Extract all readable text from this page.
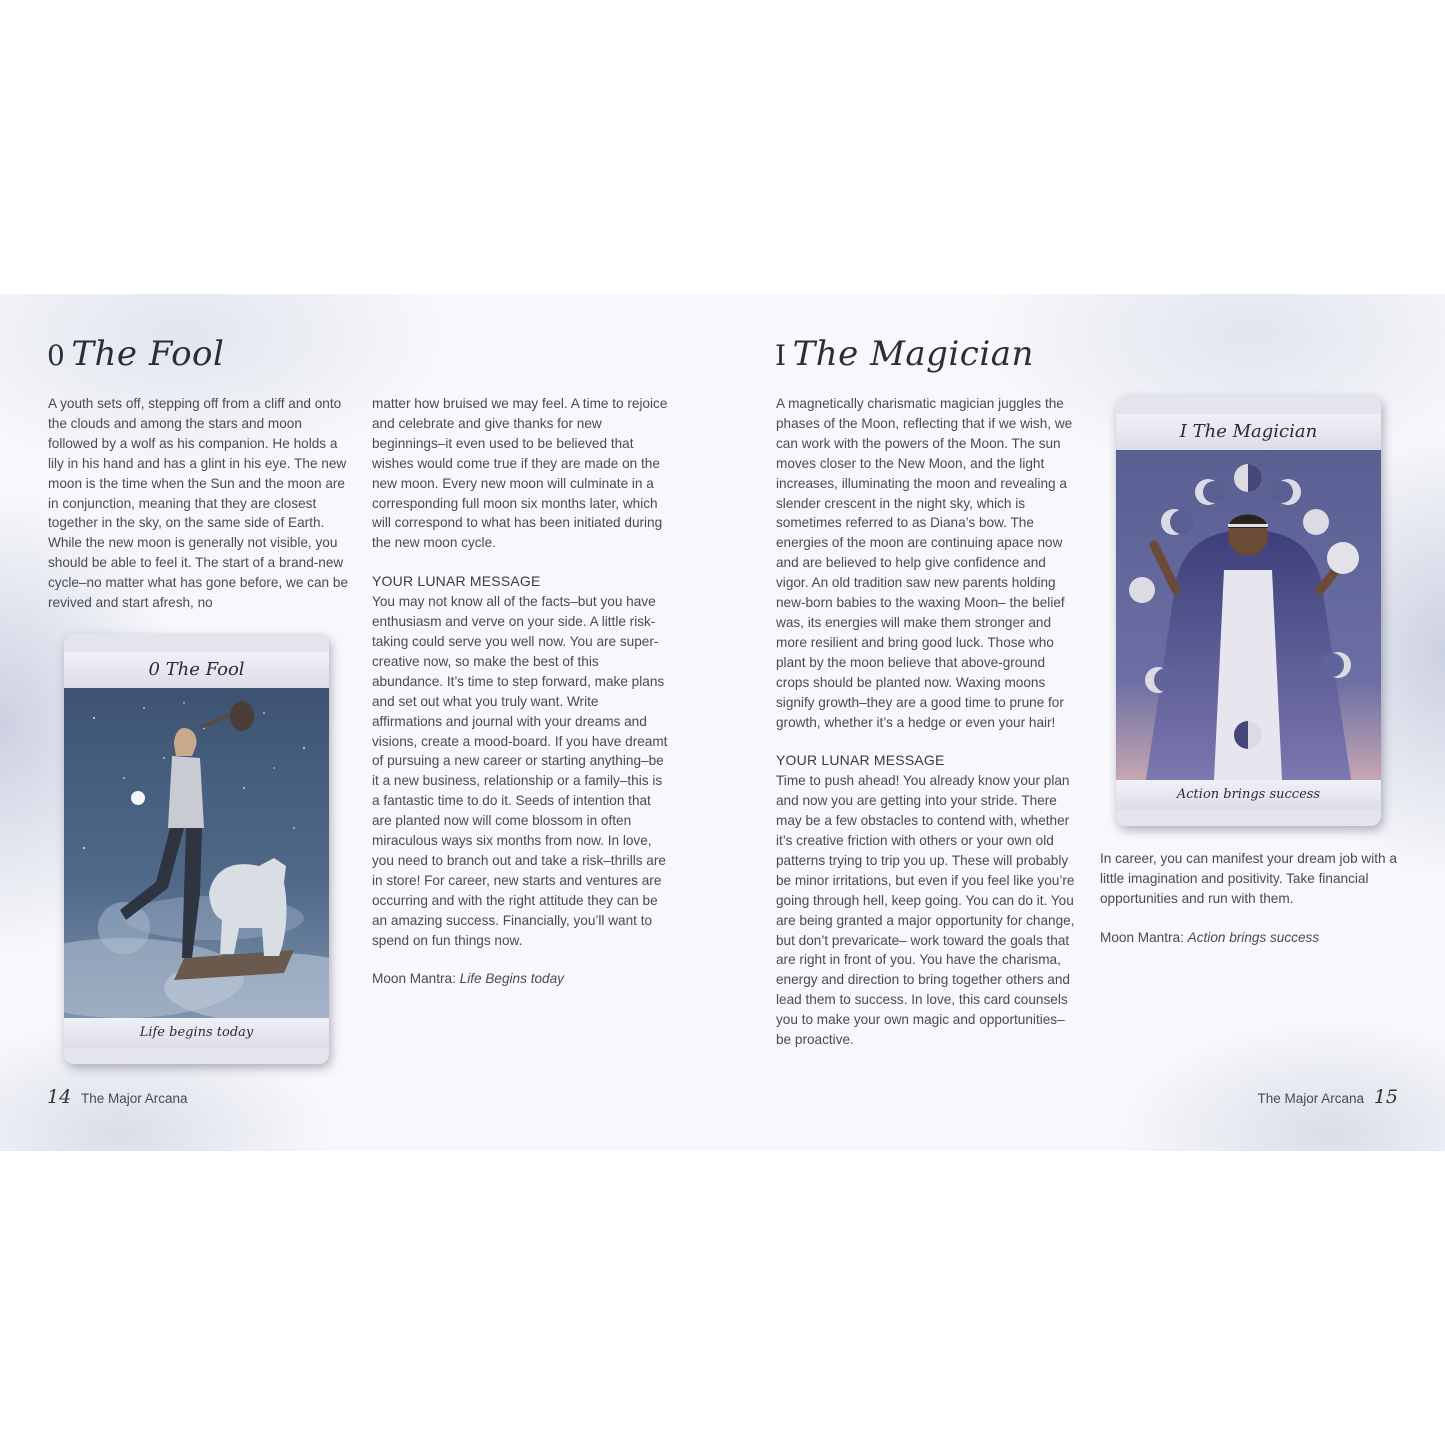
0 The Fool

A youth sets off, stepping off from a cliff and onto the clouds and among the stars and moon followed by a wolf as his companion. He holds a lily in his hand and has a glint in his eye. The new moon is the time when the Sun and the moon are in conjunction, meaning that they are closest together in the sky, on the same side of Earth. While the new moon is generally not visible, you should be able to feel it. The start of a brand-new cycle–no matter what has gone before, we can be revived and start afresh, no

0 The Fool
Life begins today

matter how bruised we may feel. A time to rejoice and celebrate and give thanks for new beginnings–it even used to be believed that wishes would come true if they are made on the new moon. Every new moon will culminate in a corresponding full moon six months later, which will correspond to what has been initiated during the new moon cycle.

YOUR LUNAR MESSAGE

You may not know all of the facts–but you have enthusiasm and verve on your side. A little risk-taking could serve you well now. You are super-creative now, so make the best of this abundance. It’s time to step forward, make plans and set out what you truly want. Write affirmations and journal with your dreams and visions, create a mood-board. If you have dreamt of pursuing a new career or starting anything–be it a new business, relationship or a family–this is a fantastic time to do it. Seeds of intention that are planted now will come blossom in often miraculous ways six months from now. In love, you need to branch out and take a risk–thrills are in store! For career, new starts and ventures are occurring and with the right attitude they can be an amazing success. Financially, you’ll want to spend on fun things now.

Moon Mantra: Life Begins today

14 The Major Arcana
I The Magician

A magnetically charismatic magician juggles the phases of the Moon, reflecting that if we wish, we can work with the powers of the Moon. The sun moves closer to the New Moon, and the light increases, illuminating the moon and revealing a slender crescent in the night sky, which is sometimes referred to as Diana’s bow. The energies of the moon are continuing apace now and are believed to help give confidence and vigor. An old tradition saw new parents holding new-born babies to the waxing Moon– the belief was, its energies will make them stronger and more resilient and bring good luck. Those who plant by the moon believe that above-ground crops should be planted now. Waxing moons signify growth–they are a good time to prune for growth, whether it’s a hedge or even your hair!

YOUR LUNAR MESSAGE

Time to push ahead! You already know your plan and now you are getting into your stride. There may be a few obstacles to contend with, whether it’s creative friction with others or your own old patterns trying to trip you up. These will probably be minor irritations, but even if you feel like you’re going through hell, keep going. You can do it. You are being granted a major opportunity for change, but don’t prevaricate– work toward the goals that are right in front of you. You have the charisma, energy and direction to bring together others and lead them to success. In love, this card counsels you to make your own magic and opportunities–be proactive.

I The Magician
Action brings success

In career, you can manifest your dream job with a little imagination and positivity. Take financial opportunities and run with them.

Moon Mantra: Action brings success

The Major Arcana 15
